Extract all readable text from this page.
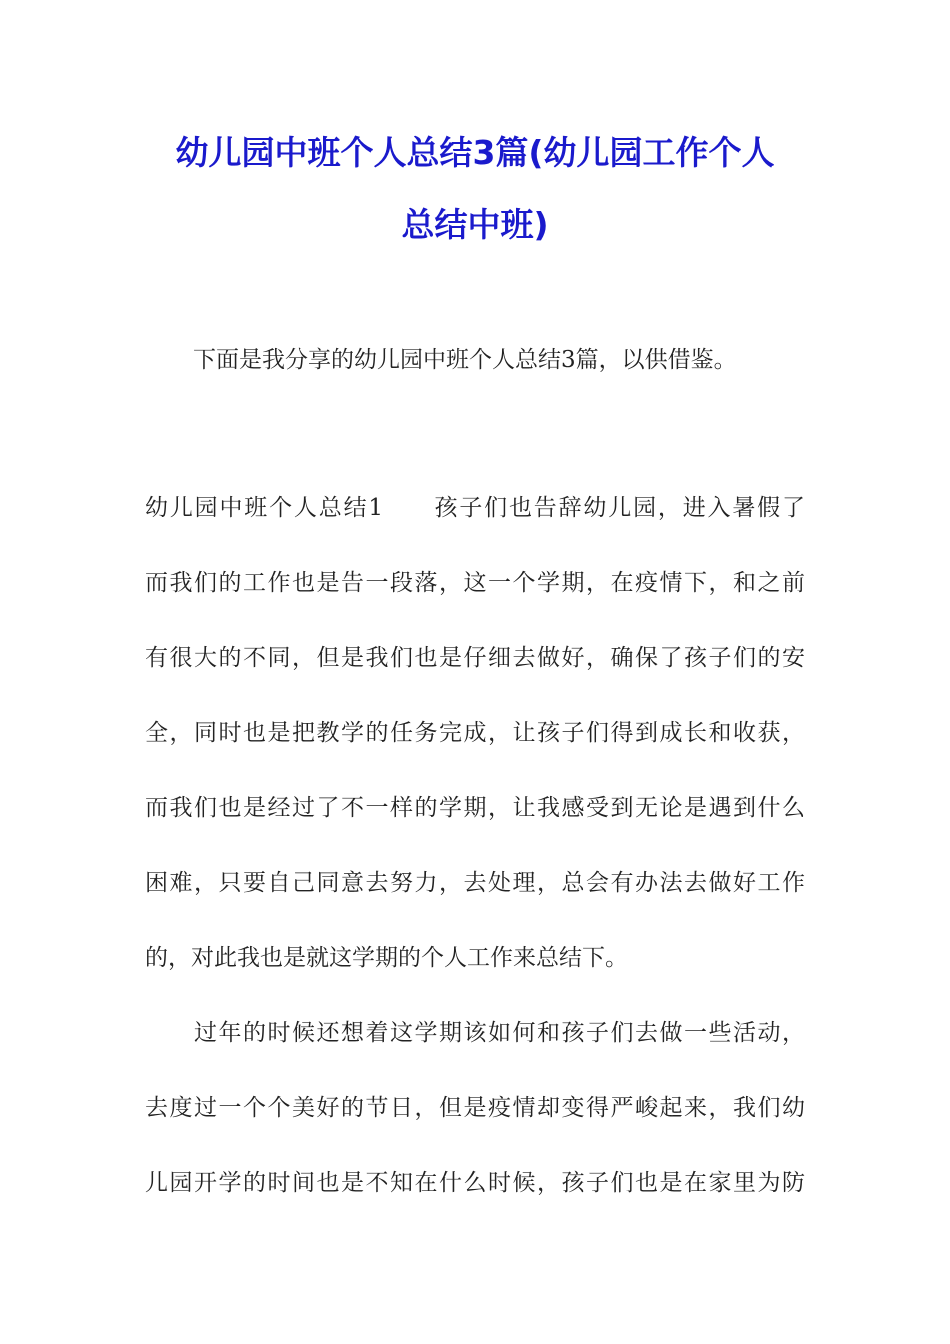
幼儿园中班个人总结3篇(幼儿园工作个人
总结中班)

下面是我分享的幼儿园中班个人总结3篇，以供借鉴。

幼儿园中班个人总结1　　孩子们也告辞幼儿园，进入暑假了

而我们的工作也是告一段落，这一个学期，在疫情下，和之前

有很大的不同，但是我们也是仔细去做好，确保了孩子们的安

全，同时也是把教学的任务完成，让孩子们得到成长和收获，

而我们也是经过了不一样的学期，让我感受到无论是遇到什么

困难，只要自己同意去努力，去处理，总会有办法去做好工作

的，对此我也是就这学期的个人工作来总结下。

　　过年的时候还想着这学期该如何和孩子们去做一些活动，

去度过一个个美好的节日，但是疫情却变得严峻起来，我们幼

儿园开学的时间也是不知在什么时候，孩子们也是在家里为防
